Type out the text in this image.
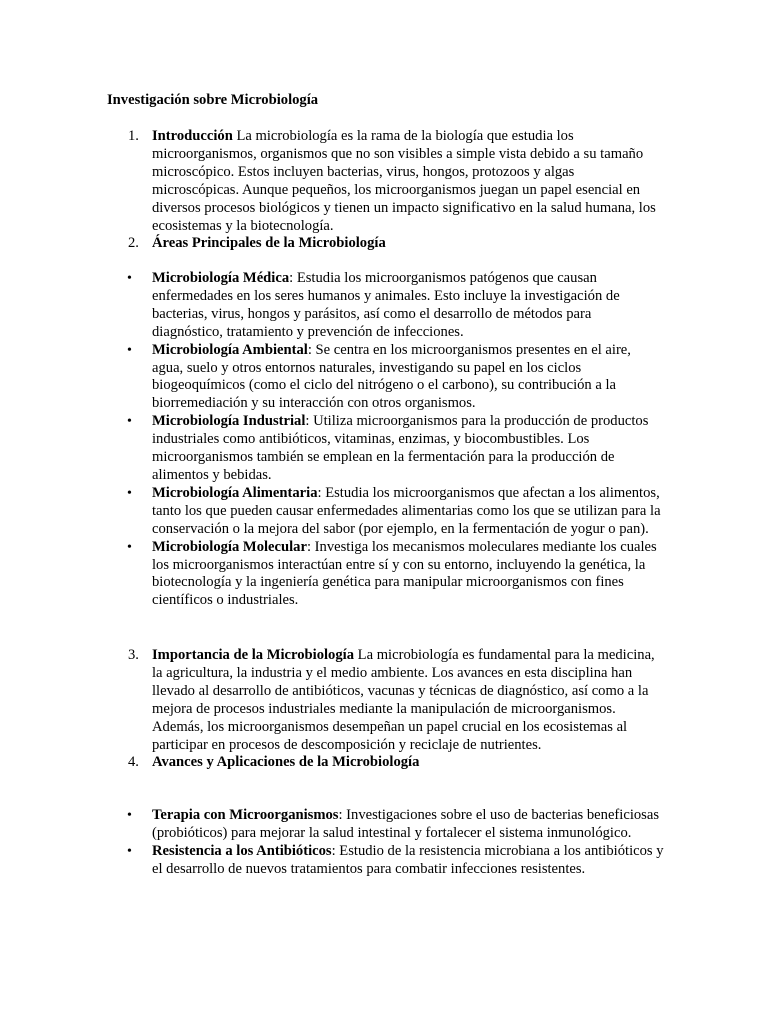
Investigación sobre Microbiología

1. Introducción La microbiología es la rama de la biología que estudia los microorganismos, organismos que no son visibles a simple vista debido a su tamaño microscópico. Estos incluyen bacterias, virus, hongos, protozoos y algas microscópicas. Aunque pequeños, los microorganismos juegan un papel esencial en diversos procesos biológicos y tienen un impacto significativo en la salud humana, los ecosistemas y la biotecnología.

2. Áreas Principales de la Microbiología

• Microbiología Médica: Estudia los microorganismos patógenos que causan enfermedades en los seres humanos y animales. Esto incluye la investigación de bacterias, virus, hongos y parásitos, así como el desarrollo de métodos para diagnóstico, tratamiento y prevención de infecciones.

• Microbiología Ambiental: Se centra en los microorganismos presentes en el aire, agua, suelo y otros entornos naturales, investigando su papel en los ciclos biogeoquímicos (como el ciclo del nitrógeno o el carbono), su contribución a la biorremediación y su interacción con otros organismos.

• Microbiología Industrial: Utiliza microorganismos para la producción de productos industriales como antibióticos, vitaminas, enzimas, y biocombustibles. Los microorganismos también se emplean en la fermentación para la producción de alimentos y bebidas.

• Microbiología Alimentaria: Estudia los microorganismos que afectan a los alimentos, tanto los que pueden causar enfermedades alimentarias como los que se utilizan para la conservación o la mejora del sabor (por ejemplo, en la fermentación de yogur o pan).

• Microbiología Molecular: Investiga los mecanismos moleculares mediante los cuales los microorganismos interactúan entre sí y con su entorno, incluyendo la genética, la biotecnología y la ingeniería genética para manipular microorganismos con fines científicos o industriales.

3. Importancia de la Microbiología La microbiología es fundamental para la medicina, la agricultura, la industria y el medio ambiente. Los avances en esta disciplina han llevado al desarrollo de antibióticos, vacunas y técnicas de diagnóstico, así como a la mejora de procesos industriales mediante la manipulación de microorganismos. Además, los microorganismos desempeñan un papel crucial en los ecosistemas al participar en procesos de descomposición y reciclaje de nutrientes.

4. Avances y Aplicaciones de la Microbiología

• Terapia con Microorganismos: Investigaciones sobre el uso de bacterias beneficiosas (probióticos) para mejorar la salud intestinal y fortalecer el sistema inmunológico.

• Resistencia a los Antibióticos: Estudio de la resistencia microbiana a los antibióticos y el desarrollo de nuevos tratamientos para combatir infecciones resistentes.
